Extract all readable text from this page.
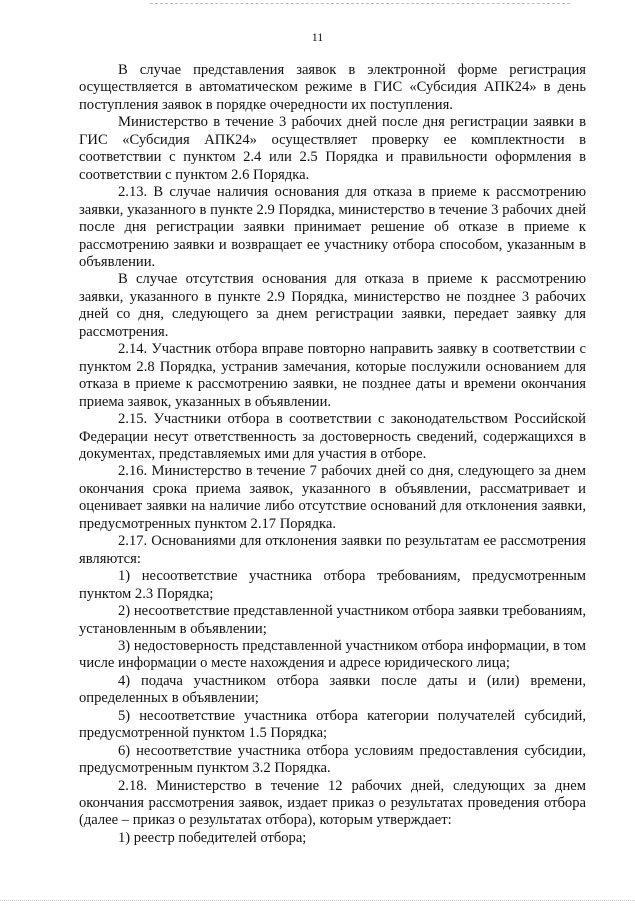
11

В случае представления заявок в электронной форме регистрация осуществляется в автоматическом режиме в ГИС «Субсидия АПК24» в день поступления заявок в порядке очередности их поступления.

Министерство в течение 3 рабочих дней после дня регистрации заявки в ГИС «Субсидия АПК24» осуществляет проверку ее комплектности в соответствии с пунктом 2.4 или 2.5 Порядка и правильности оформления в соответствии с пунктом 2.6 Порядка.

2.13. В случае наличия основания для отказа в приеме к рассмотрению заявки, указанного в пункте 2.9 Порядка, министерство в течение 3 рабочих дней после дня регистрации заявки принимает решение об отказе в приеме к рассмотрению заявки и возвращает ее участнику отбора способом, указанным в объявлении.

В случае отсутствия основания для отказа в приеме к рассмотрению заявки, указанного в пункте 2.9 Порядка, министерство не позднее 3 рабочих дней со дня, следующего за днем регистрации заявки, передает заявку для рассмотрения.

2.14. Участник отбора вправе повторно направить заявку в соответствии с пунктом 2.8 Порядка, устранив замечания, которые послужили основанием для отказа в приеме к рассмотрению заявки, не позднее даты и времени окончания приема заявок, указанных в объявлении.

2.15. Участники отбора в соответствии с законодательством Российской Федерации несут ответственность за достоверность сведений, содержащихся в документах, представляемых ими для участия в отборе.

2.16. Министерство в течение 7 рабочих дней со дня, следующего за днем окончания срока приема заявок, указанного в объявлении, рассматривает и оценивает заявки на наличие либо отсутствие оснований для отклонения заявки, предусмотренных пунктом 2.17 Порядка.

2.17. Основаниями для отклонения заявки по результатам ее рассмотрения являются:

1) несоответствие участника отбора требованиям, предусмотренным пунктом 2.3 Порядка;

2) несоответствие представленной участником отбора заявки требованиям, установленным в объявлении;

3) недостоверность представленной участником отбора информации, в том числе информации о месте нахождения и адресе юридического лица;

4) подача участником отбора заявки после даты и (или) времени, определенных в объявлении;

5) несоответствие участника отбора категории получателей субсидий, предусмотренной пунктом 1.5 Порядка;

6) несоответствие участника отбора условиям предоставления субсидии, предусмотренным пунктом 3.2 Порядка.

2.18. Министерство в течение 12 рабочих дней, следующих за днем окончания рассмотрения заявок, издает приказ о результатах проведения отбора (далее – приказ о результатах отбора), которым утверждает:

1) реестр победителей отбора;
